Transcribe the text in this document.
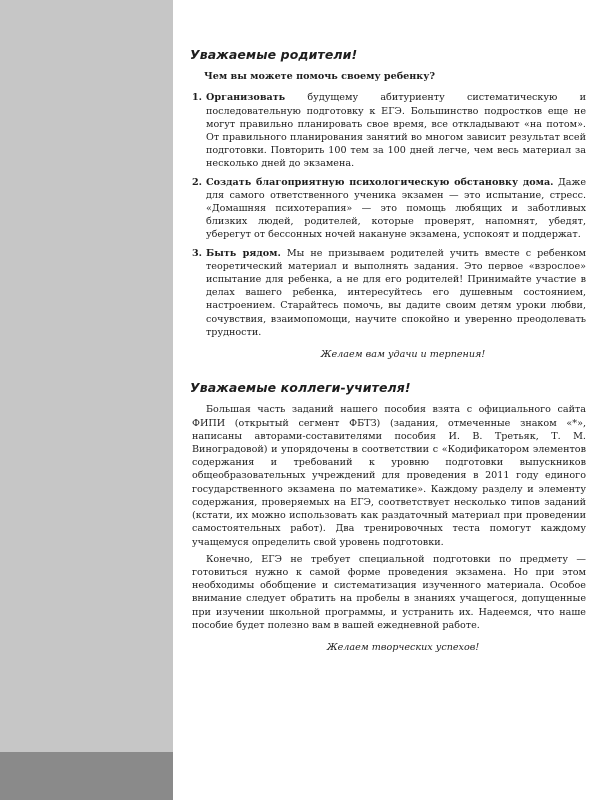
Уважаемые родители!

Чем вы можете помочь своему ребенку?

1. Организовать будущему абитуриенту систематическую и последовательную подготовку к ЕГЭ. Большинство подростков еще не могут правильно планировать свое время, все откладывают «на потом». От правильного планирования занятий во многом зависит результат всей подготовки. Повторить 100 тем за 100 дней легче, чем весь материал за несколько дней до экзамена.
2. Создать благоприятную психологическую обстановку дома. Даже для самого ответственного ученика экзамен — это испытание, стресс. «Домашняя психотерапия» — это помощь любящих и заботливых близких людей, родителей, которые проверят, напомнят, убедят, уберегут от бессонных ночей накануне экзамена, успокоят и поддержат.
3. Быть рядом. Мы не призываем родителей учить вместе с ребенком теоретический материал и выполнять задания. Это первое «взрослое» испытание для ребенка, а не для его родителей! Принимайте участие в делах вашего ребенка, интересуйтесь его душевным состоянием, настроением. Старайтесь помочь, вы дадите своим детям уроки любви, сочувствия, взаимопомощи, научите спокойно и уверенно преодолевать трудности.

Желаем вам удачи и терпения!

Уважаемые коллеги-учителя!

Большая часть заданий нашего пособия взята с официального сайта ФИПИ (открытый сегмент ФБТЗ) (задания, отмеченные знаком «*», написаны авторами-составителями пособия И. В. Третьяк, Т. М. Виноградовой) и упорядочены в соответствии с «Кодификатором элементов содержания и требований к уровню подготовки выпускников общеобразовательных учреждений для проведения в 2011 году единого государственного экзамена по математике». Каждому разделу и элементу содержания, проверяемых на ЕГЭ, соответствует несколько типов заданий (кстати, их можно использовать как раздаточный материал при проведении самостоятельных работ). Два тренировочных теста помогут каждому учащемуся определить свой уровень подготовки.

Конечно, ЕГЭ не требует специальной подготовки по предмету — готовиться нужно к самой форме проведения экзамена. Но при этом необходимы обобщение и систематизация изученного материала. Особое внимание следует обратить на пробелы в знаниях учащегося, допущенные при изучении школьной программы, и устранить их. Надеемся, что наше пособие будет полезно вам в вашей ежедневной работе.

Желаем творческих успехов!
